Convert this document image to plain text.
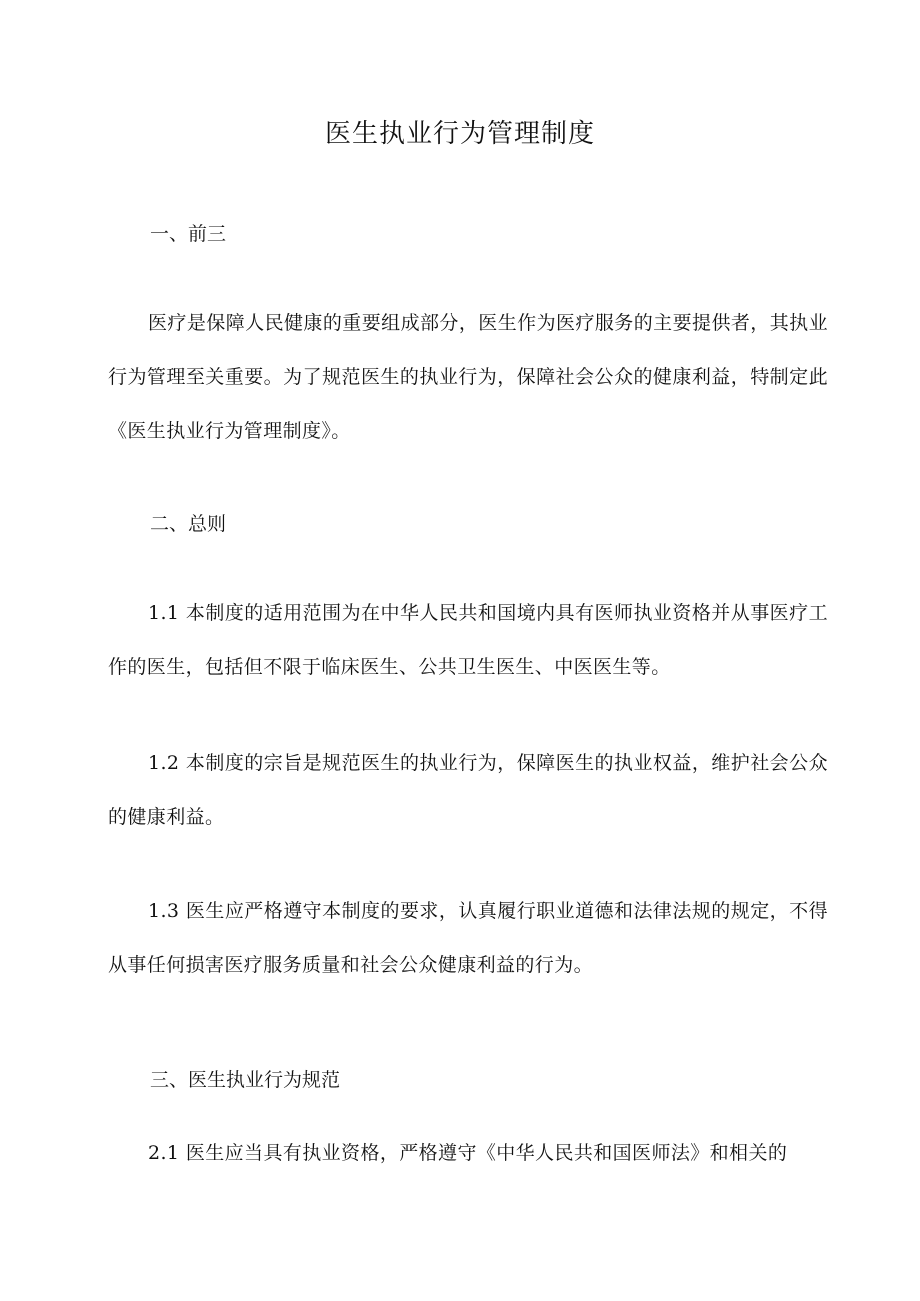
医生执业行为管理制度
一、前三

医疗是保障人民健康的重要组成部分，医生作为医疗服务的主要提供者，其执业行为管理至关重要。为了规范医生的执业行为，保障社会公众的健康利益，特制定此《医生执业行为管理制度》。

二、总则

1.1 本制度的适用范围为在中华人民共和国境内具有医师执业资格并从事医疗工作的医生，包括但不限于临床医生、公共卫生医生、中医医生等。

1.2 本制度的宗旨是规范医生的执业行为，保障医生的执业权益，维护社会公众的健康利益。

1.3 医生应严格遵守本制度的要求，认真履行职业道德和法律法规的规定，不得从事任何损害医疗服务质量和社会公众健康利益的行为。

三、医生执业行为规范

2.1 医生应当具有执业资格，严格遵守《中华人民共和国医师法》和相关的
